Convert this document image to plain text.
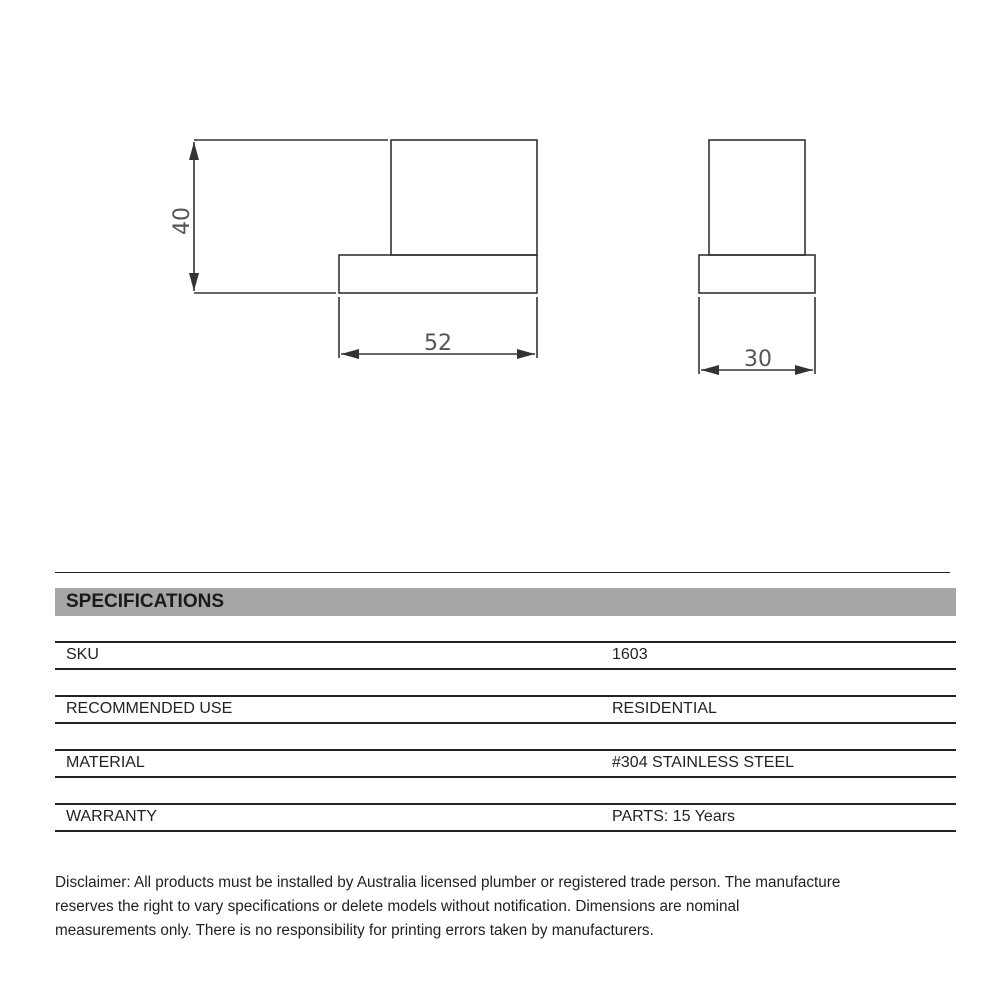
40
52
30
SPECIFICATIONS
SKU	1603
RECOMMENDED USE	RESIDENTIAL
MATERIAL	#304 STAINLESS STEEL
WARRANTY	PARTS: 15 Years
Disclaimer: All products must be installed by Australia licensed plumber or registered trade person. The manufacture
reserves the right to vary specifications or delete models without notification. Dimensions are nominal
measurements only. There is no responsibility for printing errors taken by manufacturers.
